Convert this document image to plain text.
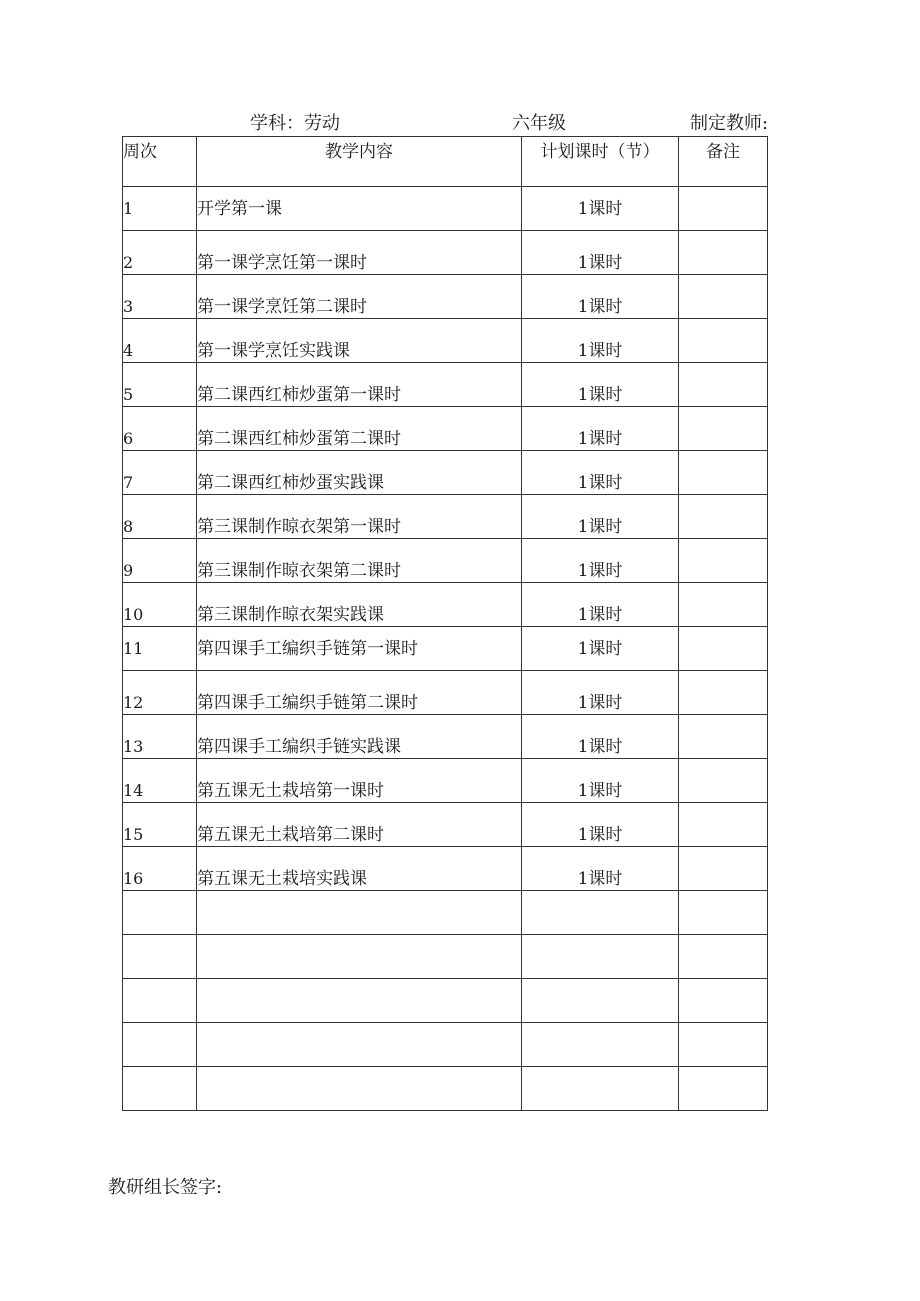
学科：劳动	六年级	制定教师:
周次	教学内容	计划课时（节）	备注
1	开学第一课	1课时	
2	第一课学烹饪第一课时	1课时	
3	第一课学烹饪第二课时	1课时	
4	第一课学烹饪实践课	1课时	
5	第二课西红柿炒蛋第一课时	1课时	
6	第二课西红柿炒蛋第二课时	1课时	
7	第二课西红柿炒蛋实践课	1课时	
8	第三课制作晾衣架第一课时	1课时	
9	第三课制作晾衣架第二课时	1课时	
10	第三课制作晾衣架实践课	1课时	
11	第四课手工编织手链第一课时	1课时	
12	第四课手工编织手链第二课时	1课时	
13	第四课手工编织手链实践课	1课时	
14	第五课无土栽培第一课时	1课时	
15	第五课无土栽培第二课时	1课时	
16	第五课无土栽培实践课	1课时	

教研组长签字:
